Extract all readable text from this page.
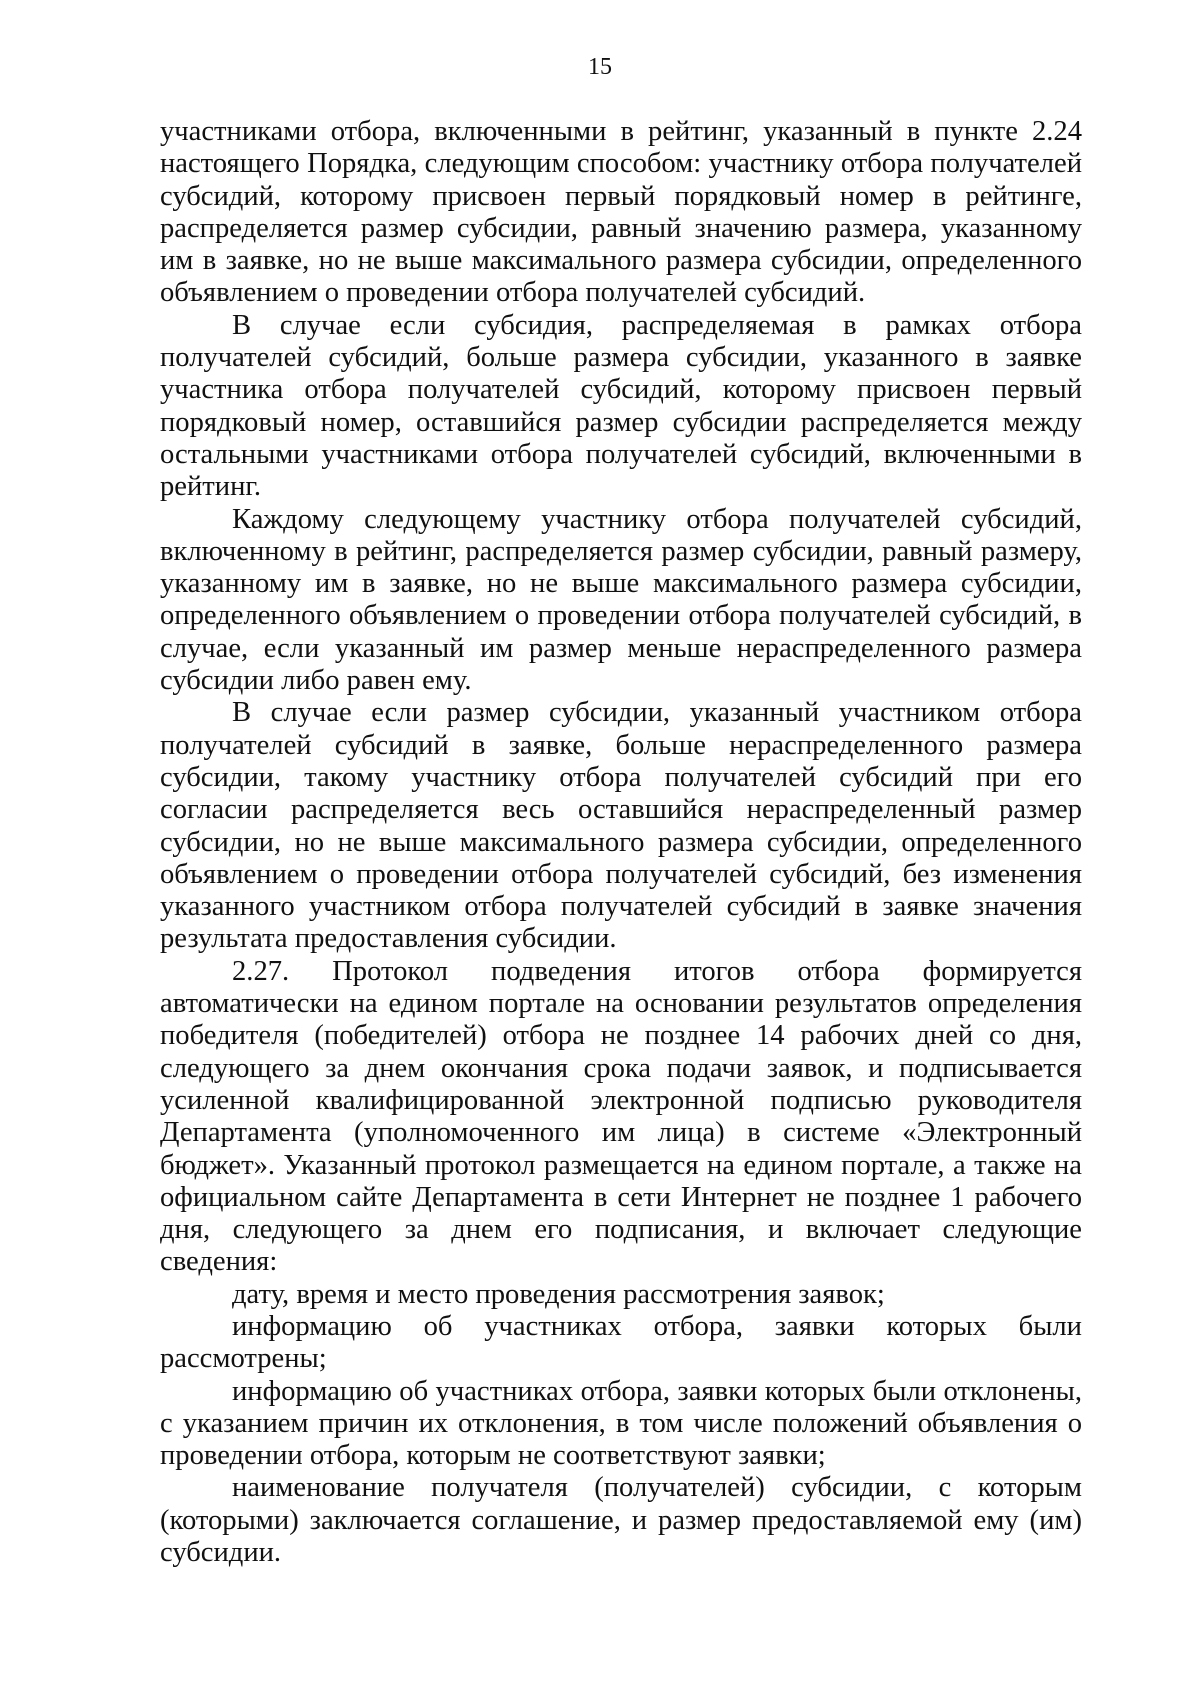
15

участниками отбора, включенными в рейтинг, указанный в пункте 2.24 настоящего Порядка, следующим способом: участнику отбора получателей субсидий, которому присвоен первый порядковый номер в рейтинге, распределяется размер субсидии, равный значению размера, указанному им в заявке, но не выше максимального размера субсидии, определенного объявлением о проведении отбора получателей субсидий.

В случае если субсидия, распределяемая в рамках отбора получателей субсидий, больше размера субсидии, указанного в заявке участника отбора получателей субсидий, которому присвоен первый порядковый номер, оставшийся размер субсидии распределяется между остальными участниками отбора получателей субсидий, включенными в рейтинг.

Каждому следующему участнику отбора получателей субсидий, включенному в рейтинг, распределяется размер субсидии, равный размеру, указанному им в заявке, но не выше максимального размера субсидии, определенного объявлением о проведении отбора получателей субсидий, в случае, если указанный им размер меньше нераспределенного размера субсидии либо равен ему.

В случае если размер субсидии, указанный участником отбора получателей субсидий в заявке, больше нераспределенного размера субсидии, такому участнику отбора получателей субсидий при его согласии распределяется весь оставшийся нераспределенный размер субсидии, но не выше максимального размера субсидии, определенного объявлением о проведении отбора получателей субсидий, без изменения указанного участником отбора получателей субсидий в заявке значения результата предоставления субсидии.

2.27. Протокол подведения итогов отбора формируется автоматически на едином портале на основании результатов определения победителя (победителей) отбора не позднее 14 рабочих дней со дня, следующего за днем окончания срока подачи заявок, и подписывается усиленной квалифицированной электронной подписью руководителя Департамента (уполномоченного им лица) в системе «Электронный бюджет». Указанный протокол размещается на едином портале, а также на официальном сайте Департамента в сети Интернет не позднее 1 рабочего дня, следующего за днем его подписания, и включает следующие сведения:

дату, время и место проведения рассмотрения заявок;

информацию об участниках отбора, заявки которых были рассмотрены;

информацию об участниках отбора, заявки которых были отклонены, с указанием причин их отклонения, в том числе положений объявления о проведении отбора, которым не соответствуют заявки;

наименование получателя (получателей) субсидии, с которым (которыми) заключается соглашение, и размер предоставляемой ему (им) субсидии.
